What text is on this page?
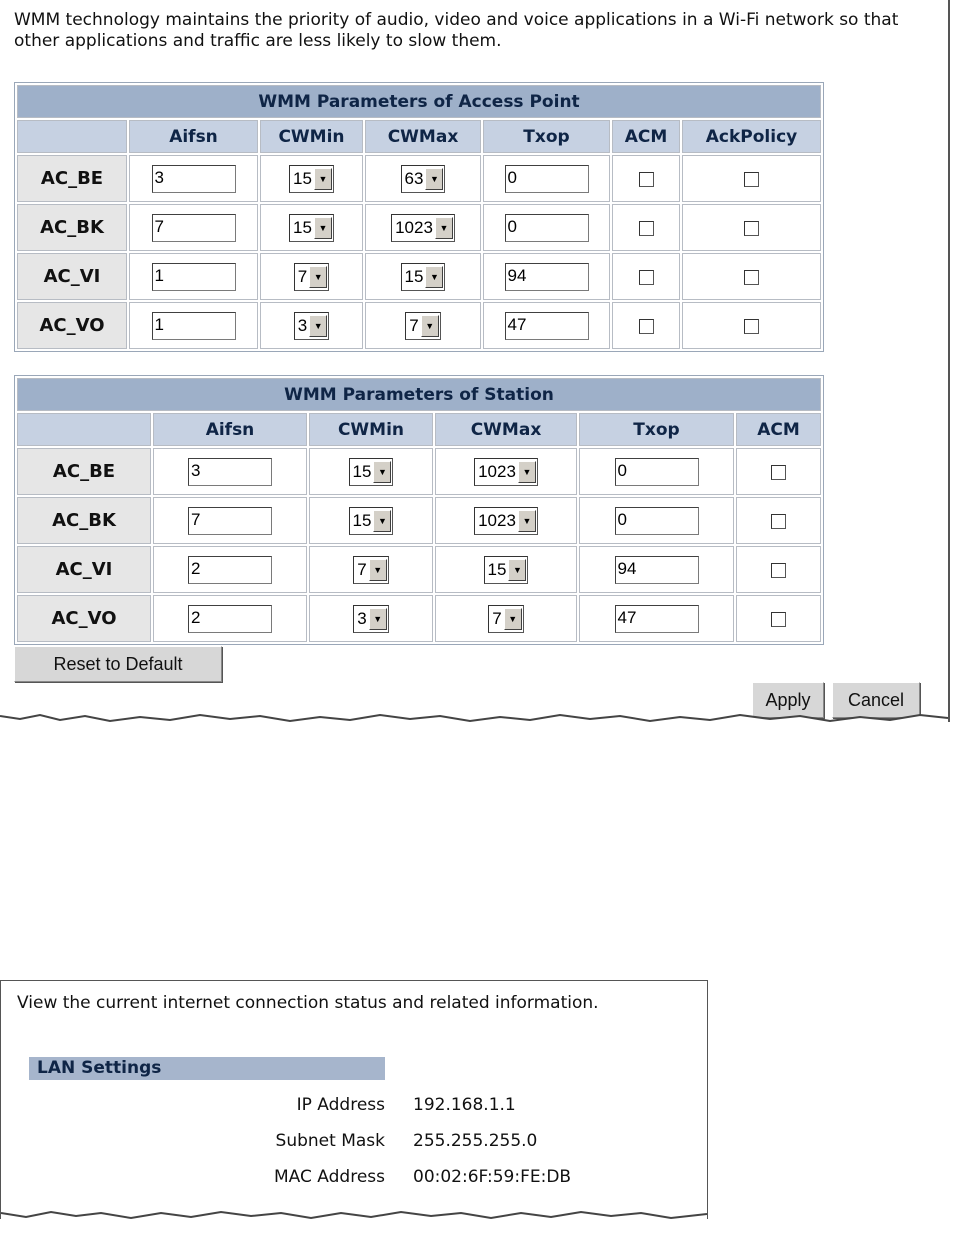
WMM technology maintains the priority of audio, video and voice applications in a Wi-Fi network so that other applications and traffic are less likely to slow them.
WMM Parameters of Access Point						
	Aifsn	CWMin	CWMax	Txop	ACM	AckPolicy
AC_BE	3	15 ▼	63 ▼	0		
AC_BK	7	15 ▼	1023 ▼	0		
AC_VI	1	7 ▼	15 ▼	94		
AC_VO	1	3 ▼	7 ▼	47		
WMM Parameters of Station					
	Aifsn	CWMin	CWMax	Txop	ACM
AC_BE	3	15 ▼	1023 ▼	0	
AC_BK	7	15 ▼	1023 ▼	0	
AC_VI	2	7 ▼	15 ▼	94	
AC_VO	2	3 ▼	7 ▼	47	
Reset to Default
Apply	Cancel
View the current internet connection status and related information.
LAN Settings
IP Address 192.168.1.1
Subnet Mask 255.255.255.0
MAC Address 00:02:6F:59:FE:DB
